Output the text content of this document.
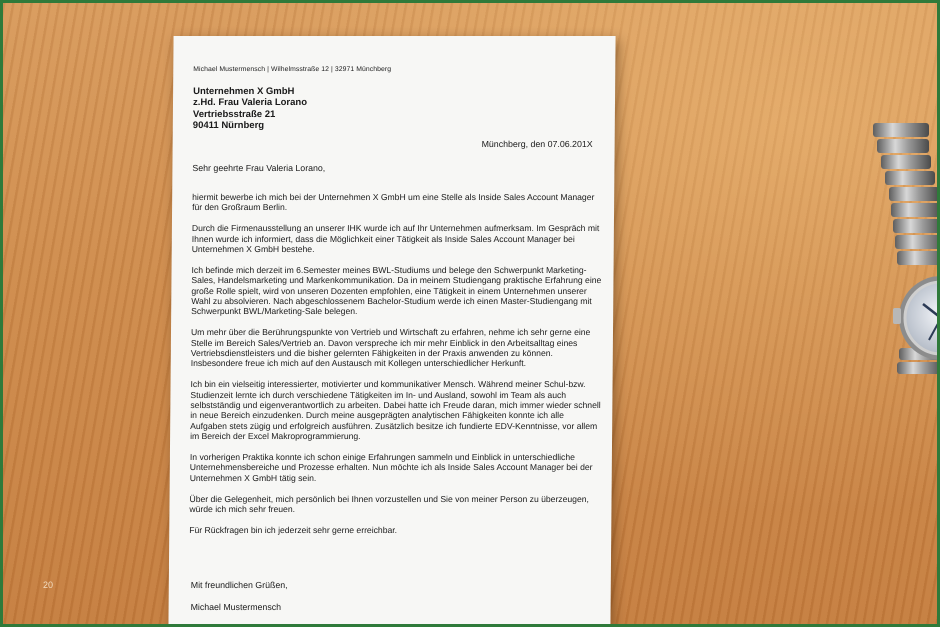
20
Michael Mustermensch | Wilhelmsstraße 12 | 32971 Münchberg
Unternehmen X GmbH
z.Hd. Frau Valeria Lorano
Vertriebsstraße 21
90411 Nürnberg
Münchberg, den 07.06.201X
Sehr geehrte Frau Valeria Lorano,

hiermit bewerbe ich mich bei der Unternehmen X GmbH um eine Stelle als Inside Sales Account Manager für den Großraum Berlin.

Durch die Firmenausstellung an unserer IHK wurde ich auf Ihr Unternehmen aufmerksam. Im Gespräch mit Ihnen wurde ich informiert, dass die Möglichkeit einer Tätigkeit als Inside Sales Account Manager bei Unternehmen X GmbH bestehe.

Ich befinde mich derzeit im 6.Semester meines BWL-Studiums und belege den Schwerpunkt Marketing-Sales, Handelsmarketing und Markenkommunikation. Da in meinem Studiengang praktische Erfahrung eine große Rolle spielt, wird von unseren Dozenten empfohlen, eine Tätigkeit in einem Unternehmen unserer Wahl zu absolvieren. Nach abgeschlossenem Bachelor-Studium werde ich einen Master-Studiengang mit Schwerpunkt BWL/Marketing-Sale belegen.

Um mehr über die Berührungspunkte von Vertrieb und Wirtschaft zu erfahren, nehme ich sehr gerne eine Stelle im Bereich Sales/Vertrieb an. Davon verspreche ich mir mehr Einblick in den Arbeitsalltag eines Vertriebsdienstleisters und die bisher gelernten Fähigkeiten in der Praxis anwenden zu können. Insbesondere freue ich mich auf den Austausch mit Kollegen unterschiedlicher Herkunft.

Ich bin ein vielseitig interessierter, motivierter und kommunikativer Mensch. Während meiner Schul-bzw. Studienzeit lernte ich durch verschiedene Tätigkeiten im In- und Ausland, sowohl im Team als auch selbstständig und eigenverantwortlich zu arbeiten. Dabei hatte ich Freude daran, mich immer wieder schnell in neue Bereich einzudenken. Durch meine ausgeprägten analytischen Fähigkeiten konnte ich alle Aufgaben stets zügig und erfolgreich ausführen. Zusätzlich besitze ich fundierte EDV-Kenntnisse, vor allem im Bereich der Excel Makroprogrammierung.

In vorherigen Praktika konnte ich schon einige Erfahrungen sammeln und Einblick in unterschiedliche Unternehmensbereiche und Prozesse erhalten. Nun möchte ich als Inside Sales Account Manager bei der Unternehmen X GmbH tätig sein.

Über die Gelegenheit, mich persönlich bei Ihnen vorzustellen und Sie von meiner Person zu überzeugen, würde ich mich sehr freuen.

Für Rückfragen bin ich jederzeit sehr gerne erreichbar.

Mit freundlichen Grüßen,
Michael Mustermensch
